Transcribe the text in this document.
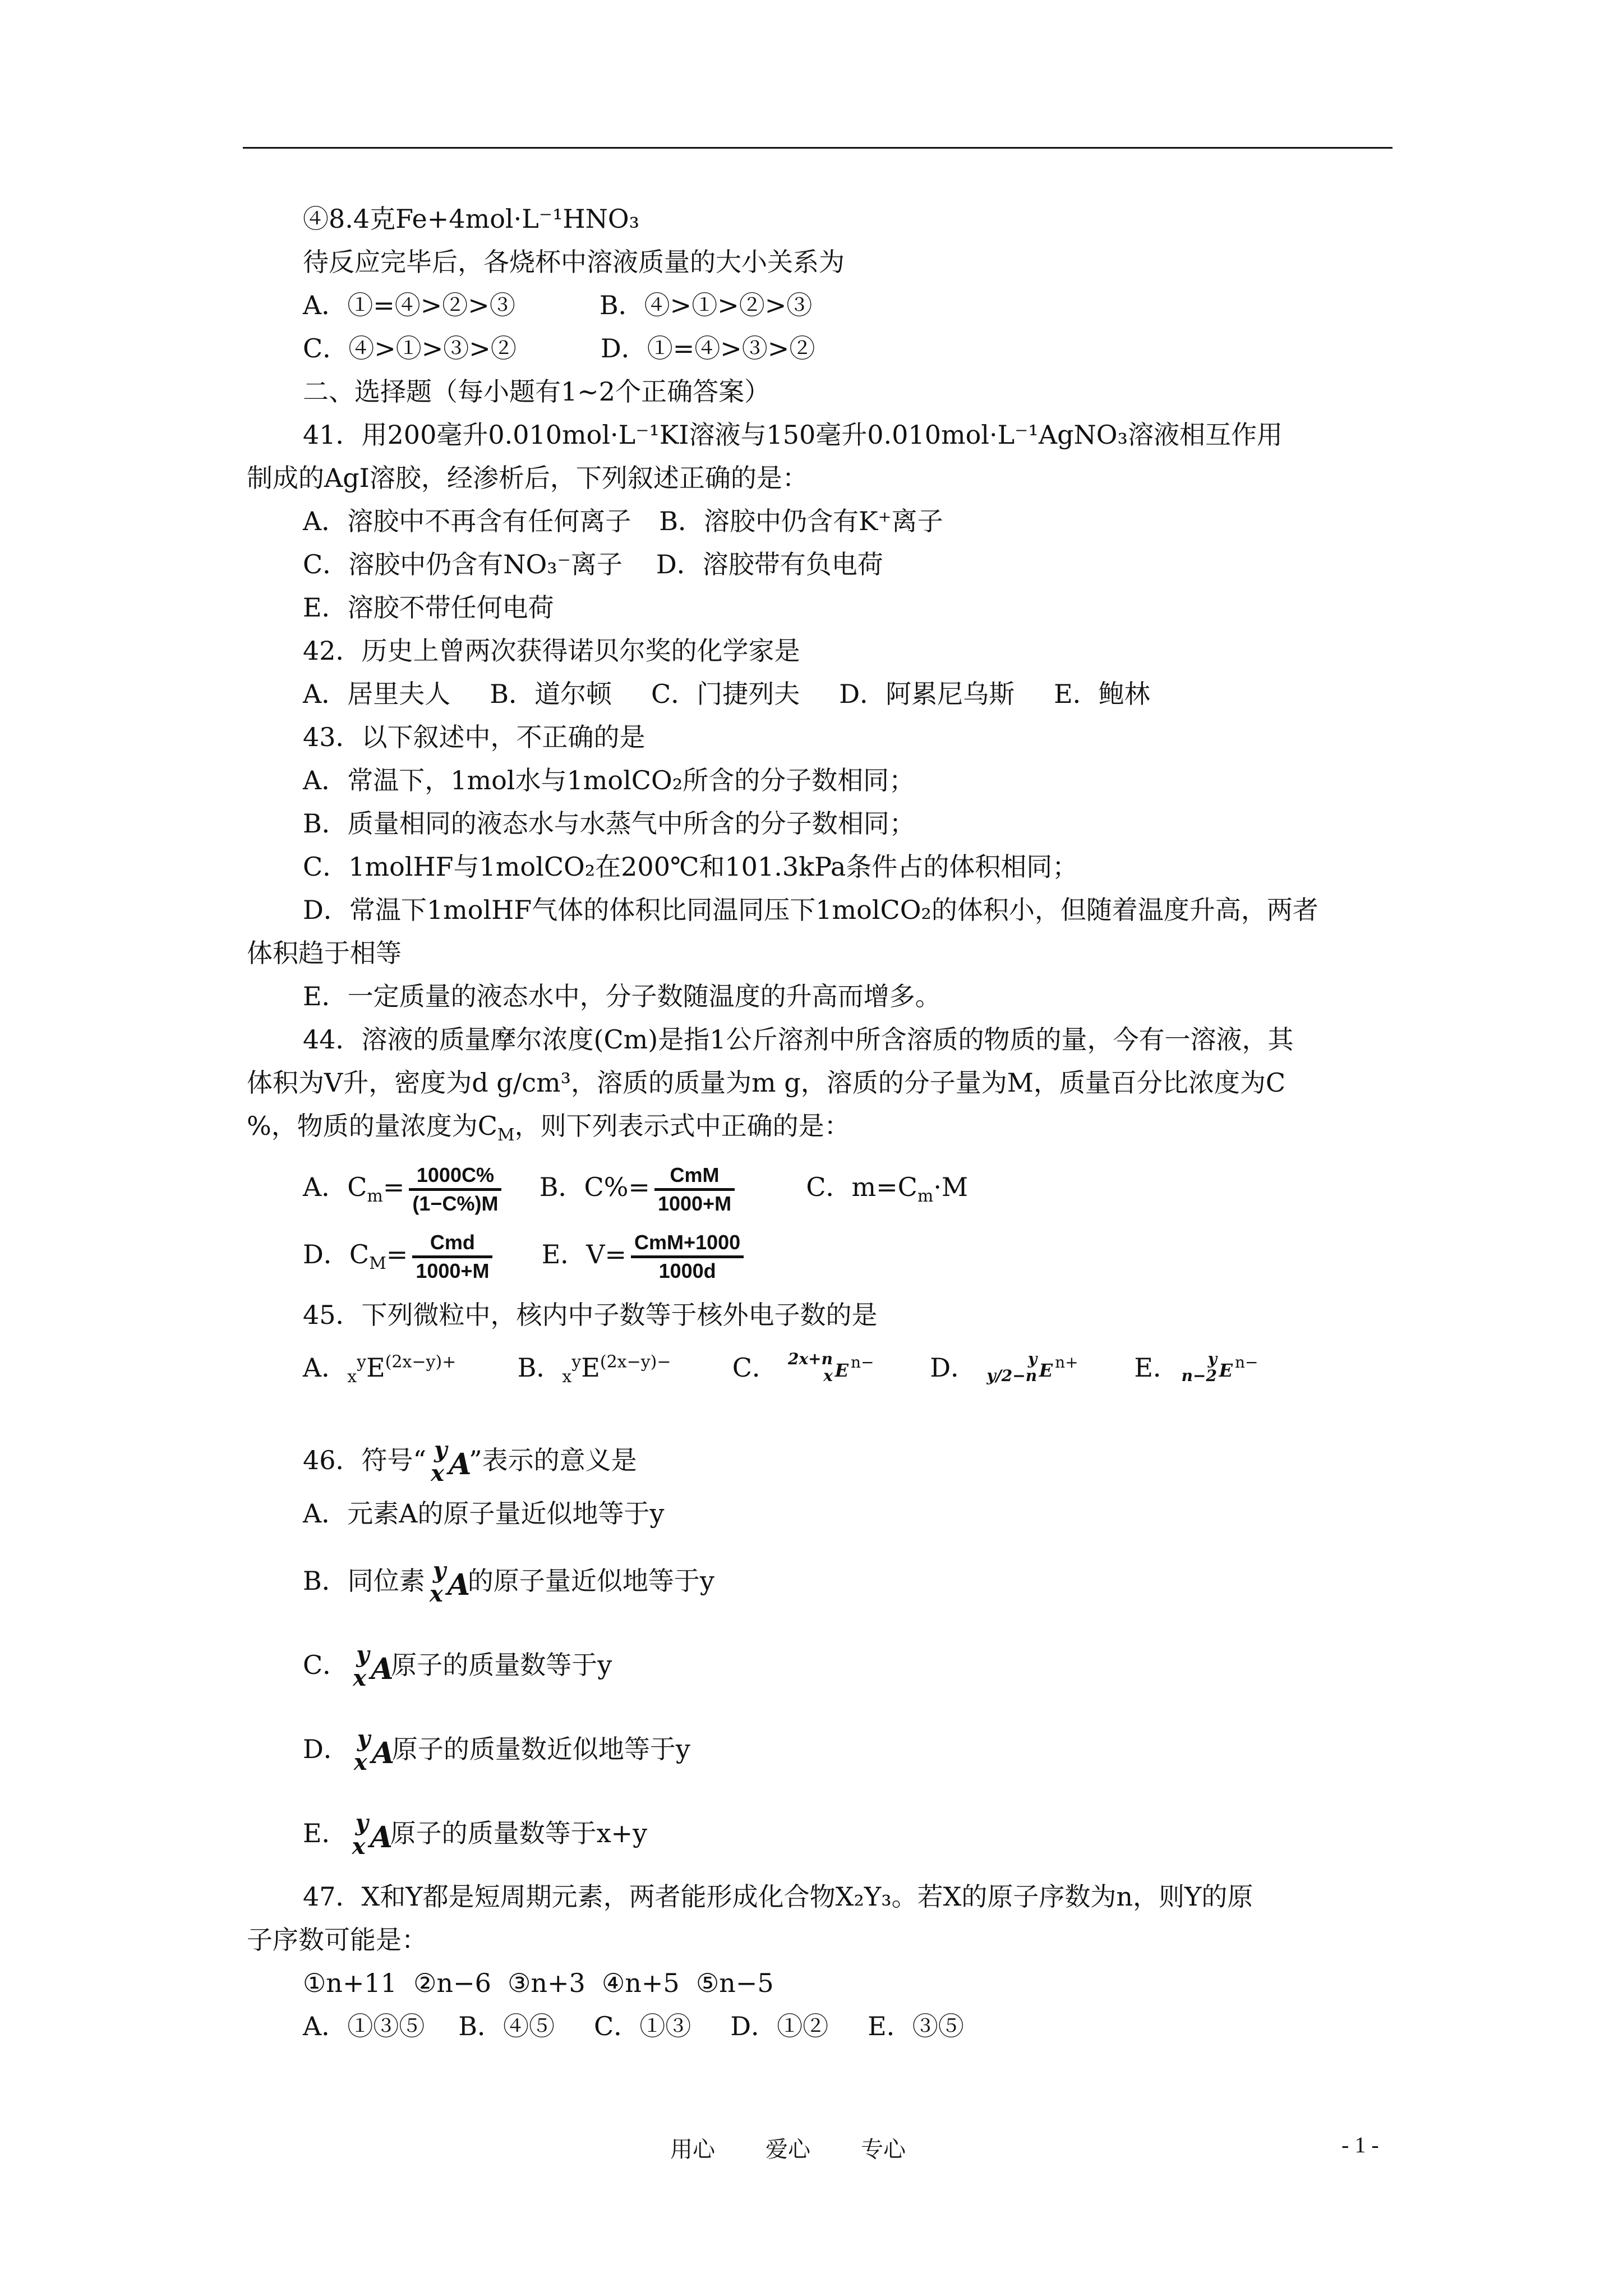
④8.4克Fe+4mol·L⁻¹HNO₃
待反应完毕后，各烧杯中溶液质量的大小关系为
A．①=④>②>③	B．④>①>②>③
C．④>①>③>②	D．①=④>③>②
二、选择题（每小题有1~2个正确答案）
41．用200毫升0.010mol·L⁻¹KI溶液与150毫升0.010mol·L⁻¹AgNO₃溶液相互作用
制成的AgI溶胶，经渗析后，下列叙述正确的是：
A．溶胶中不再含有任何离子 B．溶胶中仍含有K⁺离子
C．溶胶中仍含有NO₃⁻离子 D．溶胶带有负电荷
E．溶胶不带任何电荷
42．历史上曾两次获得诺贝尔奖的化学家是
A．居里夫人 B．道尔顿 C．门捷列夫 D．阿累尼乌斯 E．鲍林
43．以下叙述中，不正确的是
A．常温下，1mol水与1molCO₂所含的分子数相同；
B．质量相同的液态水与水蒸气中所含的分子数相同；
C．1molHF与1molCO₂在200℃和101.3kPa条件占的体积相同；
D．常温下1molHF气体的体积比同温同压下1molCO₂的体积小，但随着温度升高，两者
体积趋于相等
E．一定质量的液态水中，分子数随温度的升高而增多。
44．溶液的质量摩尔浓度(Cm)是指1公斤溶剂中所含溶质的物质的量，今有一溶液，其
体积为V升，密度为d g/cm³，溶质的质量为m g，溶质的分子量为M，质量百分比浓度为C
%，物质的量浓度为$C_M$，则下列表示式中正确的是：
A．$C_m= \frac{1000C\%}{(1-C\%)M}$ B．$C\%= \frac{\text{CmM}}{1000+M}$	C．$m=C_m\cdot M$
D．$C_M= \frac{\text{Cmd}}{1000+M}$ E．$V= \frac{\text{CmM+1000}}{1000d}$
45．下列微粒中，核内中子数等于核外电子数的是
A．$_x^yE^{(2x-y)+}$ B．$_x^yE^{(2x-y)-}$ C． 2x+n
x E n− D．	y
y/2−n E n+ E． y
n−2 E n−
46．符号“ y
x A
”表示的意义是
A．元素A的原子量近似地等于y
B．同位素 y
x A
的原子量近似地等于y
C． y
x A
原子的质量数等于y
D． y
x A
原子的质量数近似地等于y
E． y
x A
原子的质量数等于x+y
47．X和Y都是短周期元素，两者能形成化合物X₂Y₃。若X的原子序数为n，则Y的原
子序数可能是：
①n+11  ②n−6  ③n+3  ④n+5  ⑤n−5
A．①③⑤ B．④⑤ C．①③ D．①② E．③⑤
用心 爱心 专心	- 1 -
